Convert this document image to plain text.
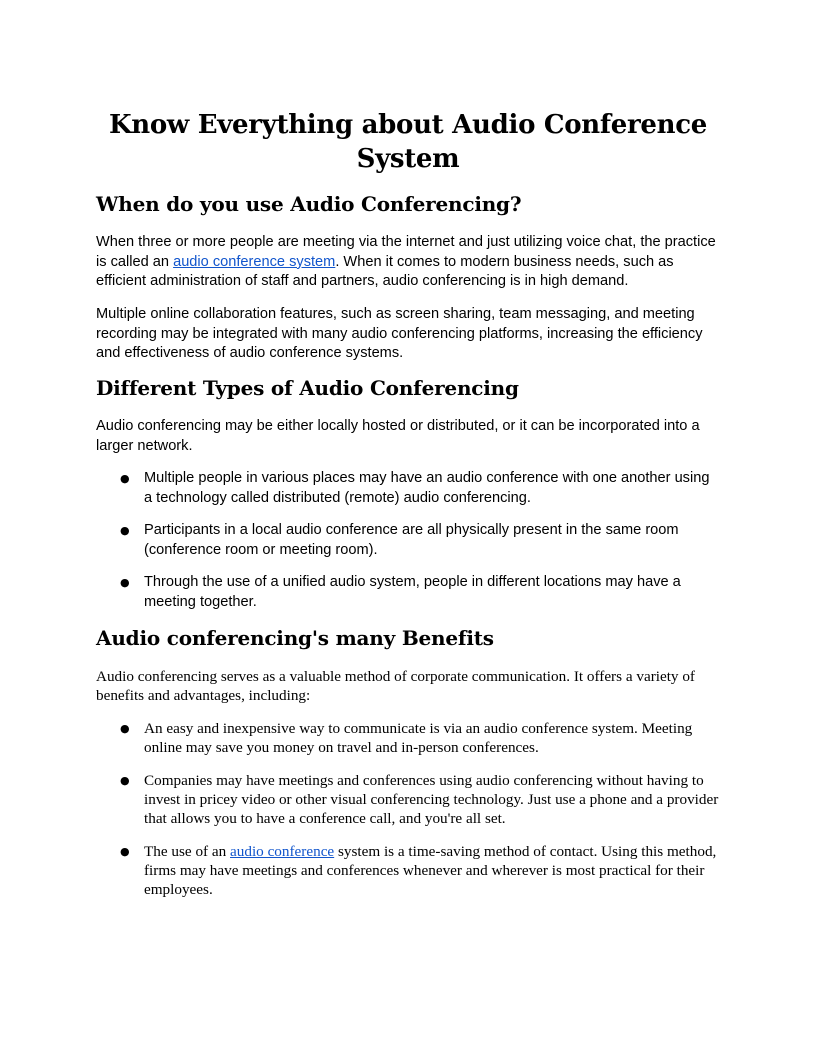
Know Everything about Audio Conference System
When do you use Audio Conferencing?

When three or more people are meeting via the internet and just utilizing voice chat, the practice is called an audio conference system. When it comes to modern business needs, such as efficient administration of staff and partners, audio conferencing is in high demand.

Multiple online collaboration features, such as screen sharing, team messaging, and meeting recording may be integrated with many audio conferencing platforms, increasing the efficiency and effectiveness of audio conference systems.

Different Types of Audio Conferencing

Audio conferencing may be either locally hosted or distributed, or it can be incorporated into a larger network.

● Multiple people in various places may have an audio conference with one another using a technology called distributed (remote) audio conferencing.
● Participants in a local audio conference are all physically present in the same room (conference room or meeting room).
● Through the use of a unified audio system, people in different locations may have a meeting together.
Audio conferencing's many Benefits

Audio conferencing serves as a valuable method of corporate communication. It offers a variety of benefits and advantages, including:

● An easy and inexpensive way to communicate is via an audio conference system. Meeting online may save you money on travel and in-person conferences.
● Companies may have meetings and conferences using audio conferencing without having to invest in pricey video or other visual conferencing technology. Just use a phone and a provider that allows you to have a conference call, and you're all set.
● The use of an audio conference system is a time-saving method of contact. Using this method, firms may have meetings and conferences whenever and wherever is most practical for their employees.
